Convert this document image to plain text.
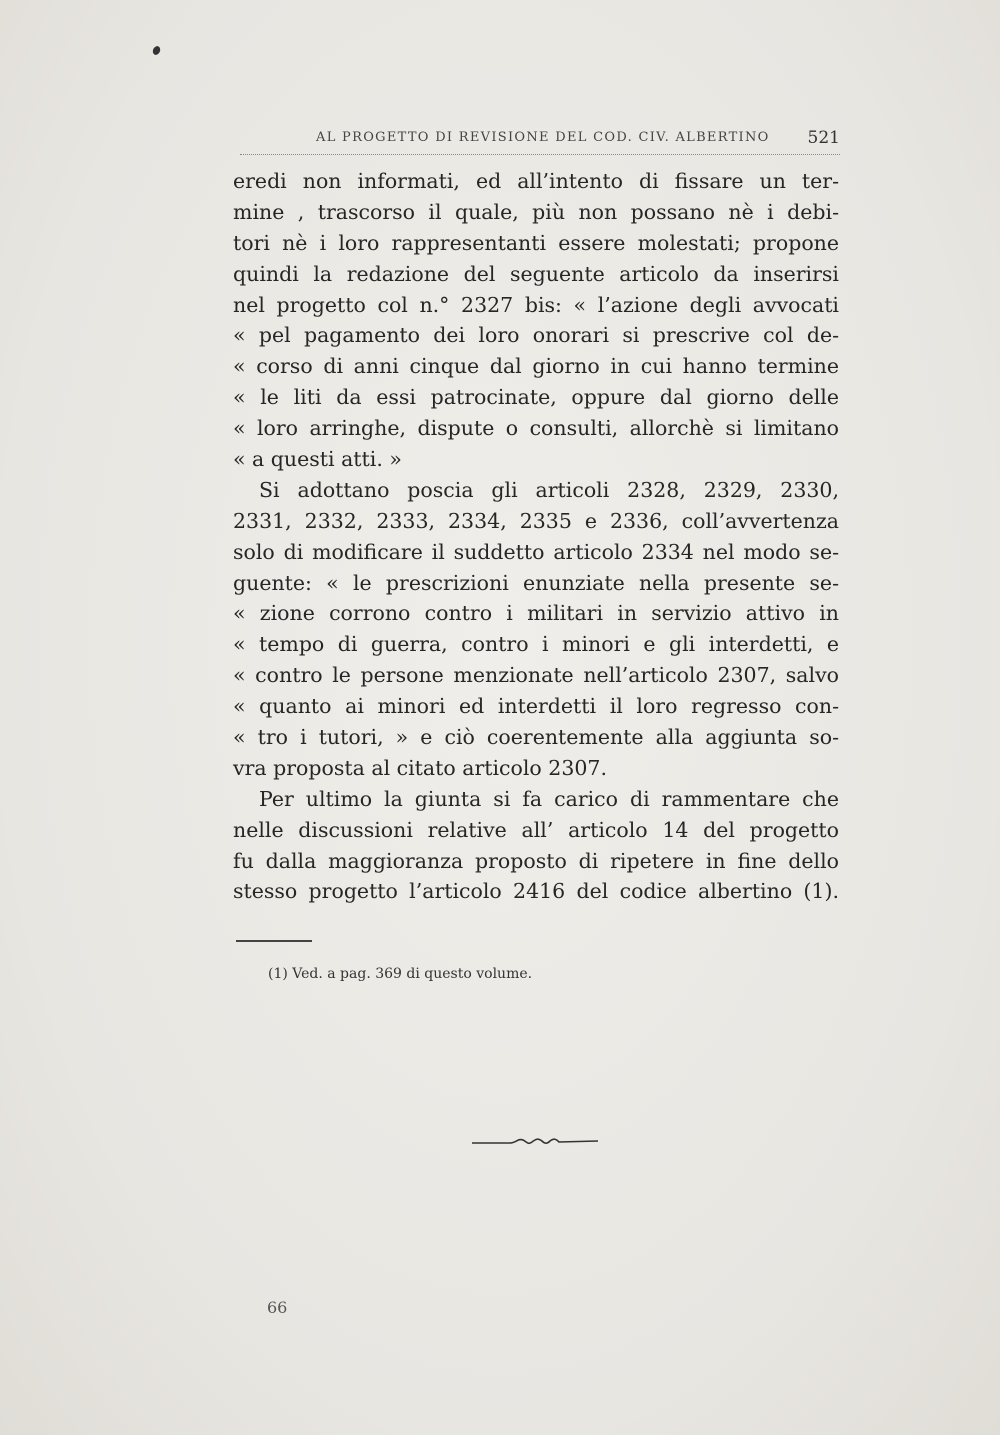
AL PROGETTO DI REVISIONE DEL COD. CIV. ALBERTINO 521
eredi non informati, ed all’intento di fissare un ter-
mine , trascorso il quale, più non possano nè i debi-
tori nè i loro rappresentanti essere molestati; propone
quindi la redazione del seguente articolo da inserirsi
nel progetto col n.° 2327 bis: « l’azione degli avvocati
« pel pagamento dei loro onorari si prescrive col de-
« corso di anni cinque dal giorno in cui hanno termine
« le liti da essi patrocinate, oppure dal giorno delle
« loro arringhe, dispute o consulti, allorchè si limitano
« a questi atti. »
Si adottano poscia gli articoli 2328, 2329, 2330,
2331, 2332, 2333, 2334, 2335 e 2336, coll’avvertenza
solo di modificare il suddetto articolo 2334 nel modo se-
guente: « le prescrizioni enunziate nella presente se-
« zione corrono contro i militari in servizio attivo in
« tempo di guerra, contro i minori e gli interdetti, e
« contro le persone menzionate nell’articolo 2307, salvo
« quanto ai minori ed interdetti il loro regresso con-
« tro i tutori, » e ciò coerentemente alla aggiunta so-
vra proposta al citato articolo 2307.
Per ultimo la giunta si fa carico di rammentare che
nelle discussioni relative all’ articolo 14 del progetto
fu dalla maggioranza proposto di ripetere in fine dello
stesso progetto l’articolo 2416 del codice albertino (1).
(1) Ved. a pag. 369 di questo volume.
66
